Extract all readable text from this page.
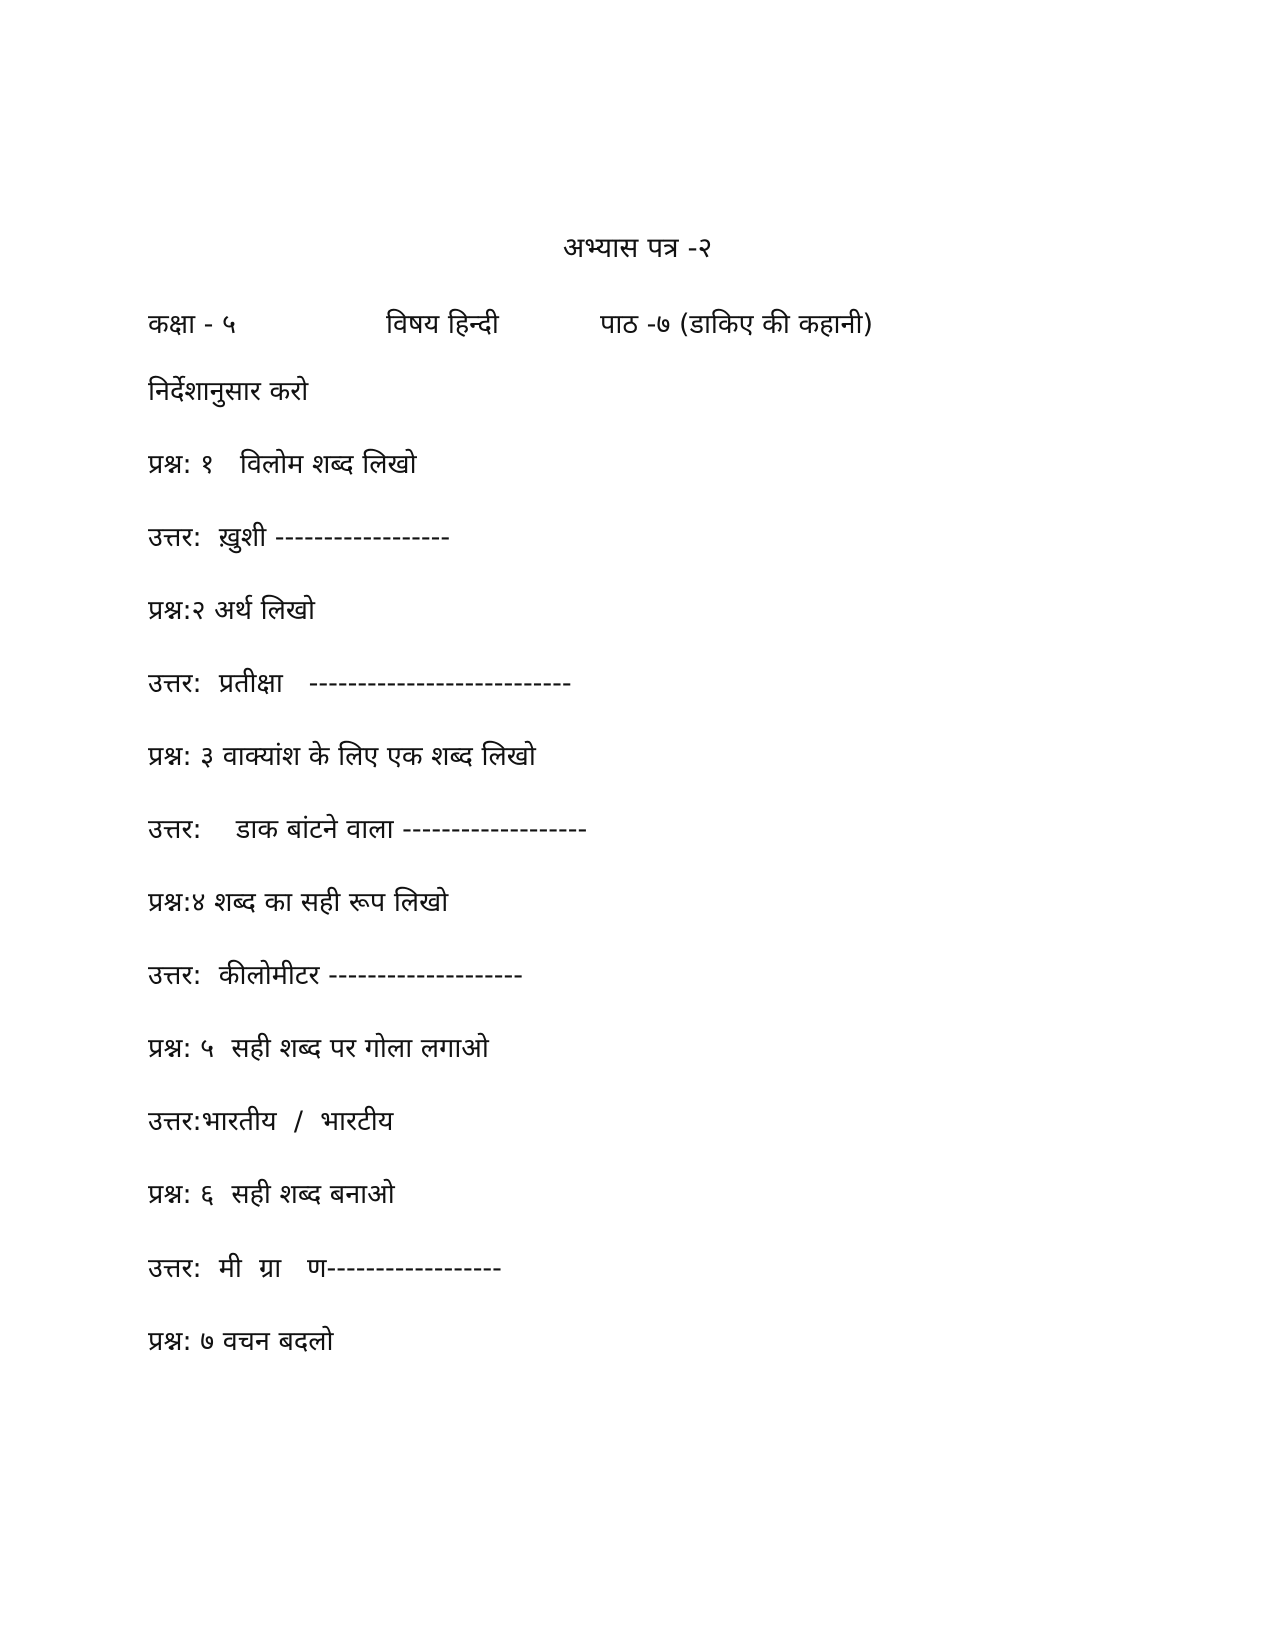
अभ्यास पत्र -२
कक्षा - ५	विषय हिन्दी	पाठ -७ (डाकिए की कहानी)
निर्देशानुसार करो
प्रश्न: १   विलोम शब्द लिखो
उत्तर:  ख़ुशी ------------------
प्रश्न:२ अर्थ लिखो
उत्तर:  प्रतीक्षा   ---------------------------
प्रश्न: ३ वाक्यांश के लिए एक शब्द लिखो
उत्तर:    डाक बांटने वाला -------------------
प्रश्न:४ शब्द का सही रूप लिखो
उत्तर:  कीलोमीटर --------------------
प्रश्न: ५  सही शब्द पर गोला लगाओ
उत्तर:भारतीय  /  भारटीय
प्रश्न: ६  सही शब्द बनाओ
उत्तर:  मी  ग्रा   ण------------------
प्रश्न: ७ वचन बदलो
